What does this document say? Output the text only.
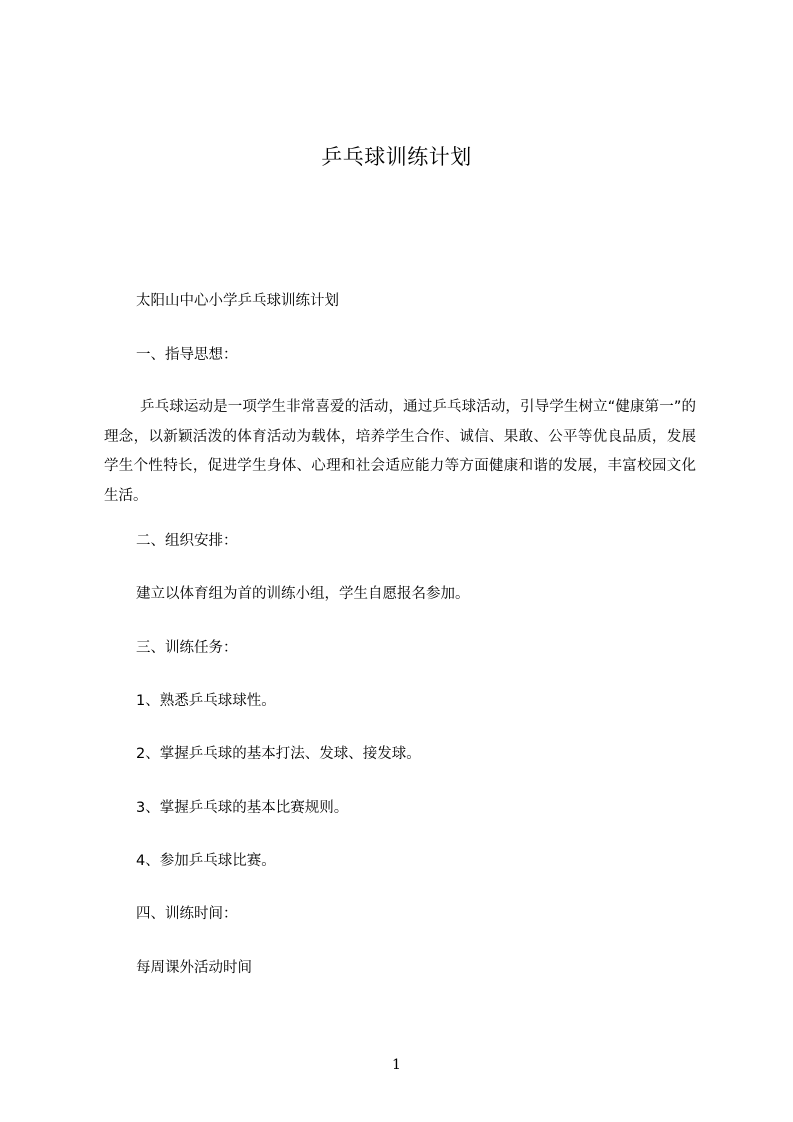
乒乓球训练计划
太阳山中心小学乒乓球训练计划
一、指导思想：
乒乓球运动是一项学生非常喜爱的活动，通过乒乓球活动，引导学生树立“健康第一”的理念，以新颖活泼的体育活动为载体，培养学生合作、诚信、果敢、公平等优良品质，发展学生个性特长，促进学生身体、心理和社会适应能力等方面健康和谐的发展，丰富校园文化生活。
二、组织安排：
建立以体育组为首的训练小组，学生自愿报名参加。
三、训练任务：
1、熟悉乒乓球球性。
2、掌握乒乓球的基本打法、发球、接发球。
3、掌握乒乓球的基本比赛规则。
4、参加乒乓球比赛。
四、训练时间：
每周课外活动时间
1
